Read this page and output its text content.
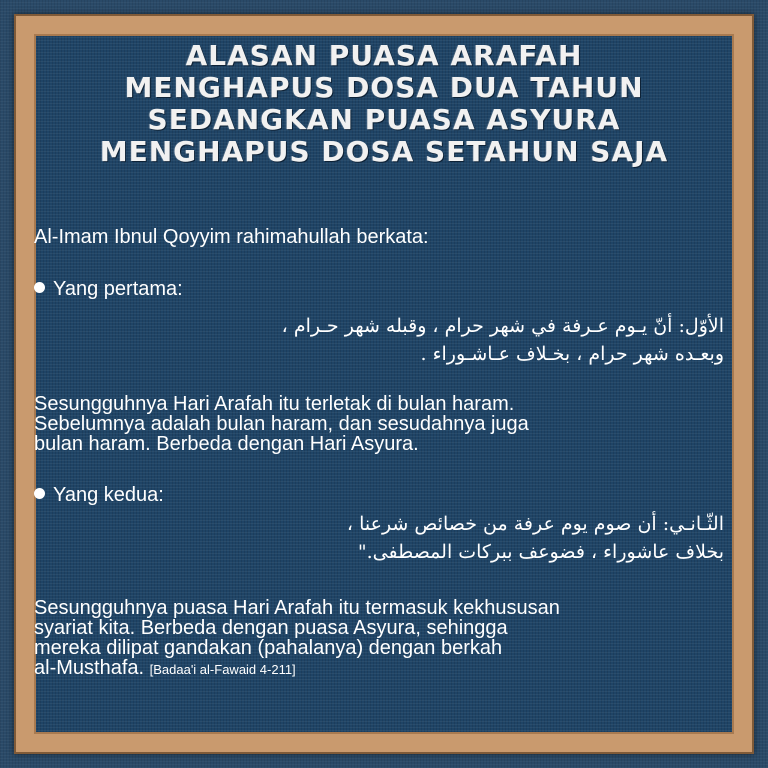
ALASAN PUASA ARAFAH
MENGHAPUS DOSA DUA TAHUN
SEDANGKAN PUASA ASYURA
MENGHAPUS DOSA SETAHUN SAJA
Al-Imam Ibnul Qoyyim rahimahullah berkata:
Yang pertama:
الأوّل: أنّ يـوم عـرفة في شهر حرام ، وقبله شهر حـرام ،
وبعـده شهر حرام ، بخـلاف عـاشـوراء .
Sesungguhnya Hari Arafah itu terletak di bulan haram.
Sebelumnya adalah bulan haram, dan sesudahnya juga
bulan haram. Berbeda dengan Hari Asyura.
Yang kedua:
الثّـانـي: أن صوم يوم عرفة من خصائص شرعنا ،
بخلاف عاشوراء ، فضوعف ببركات المصطفى."
Sesungguhnya puasa Hari Arafah itu termasuk kekhususan
syariat kita. Berbeda dengan puasa Asyura, sehingga
mereka dilipat gandakan (pahalanya) dengan berkah
al-Musthafa. [Badaa'i al-Fawaid 4-211]
